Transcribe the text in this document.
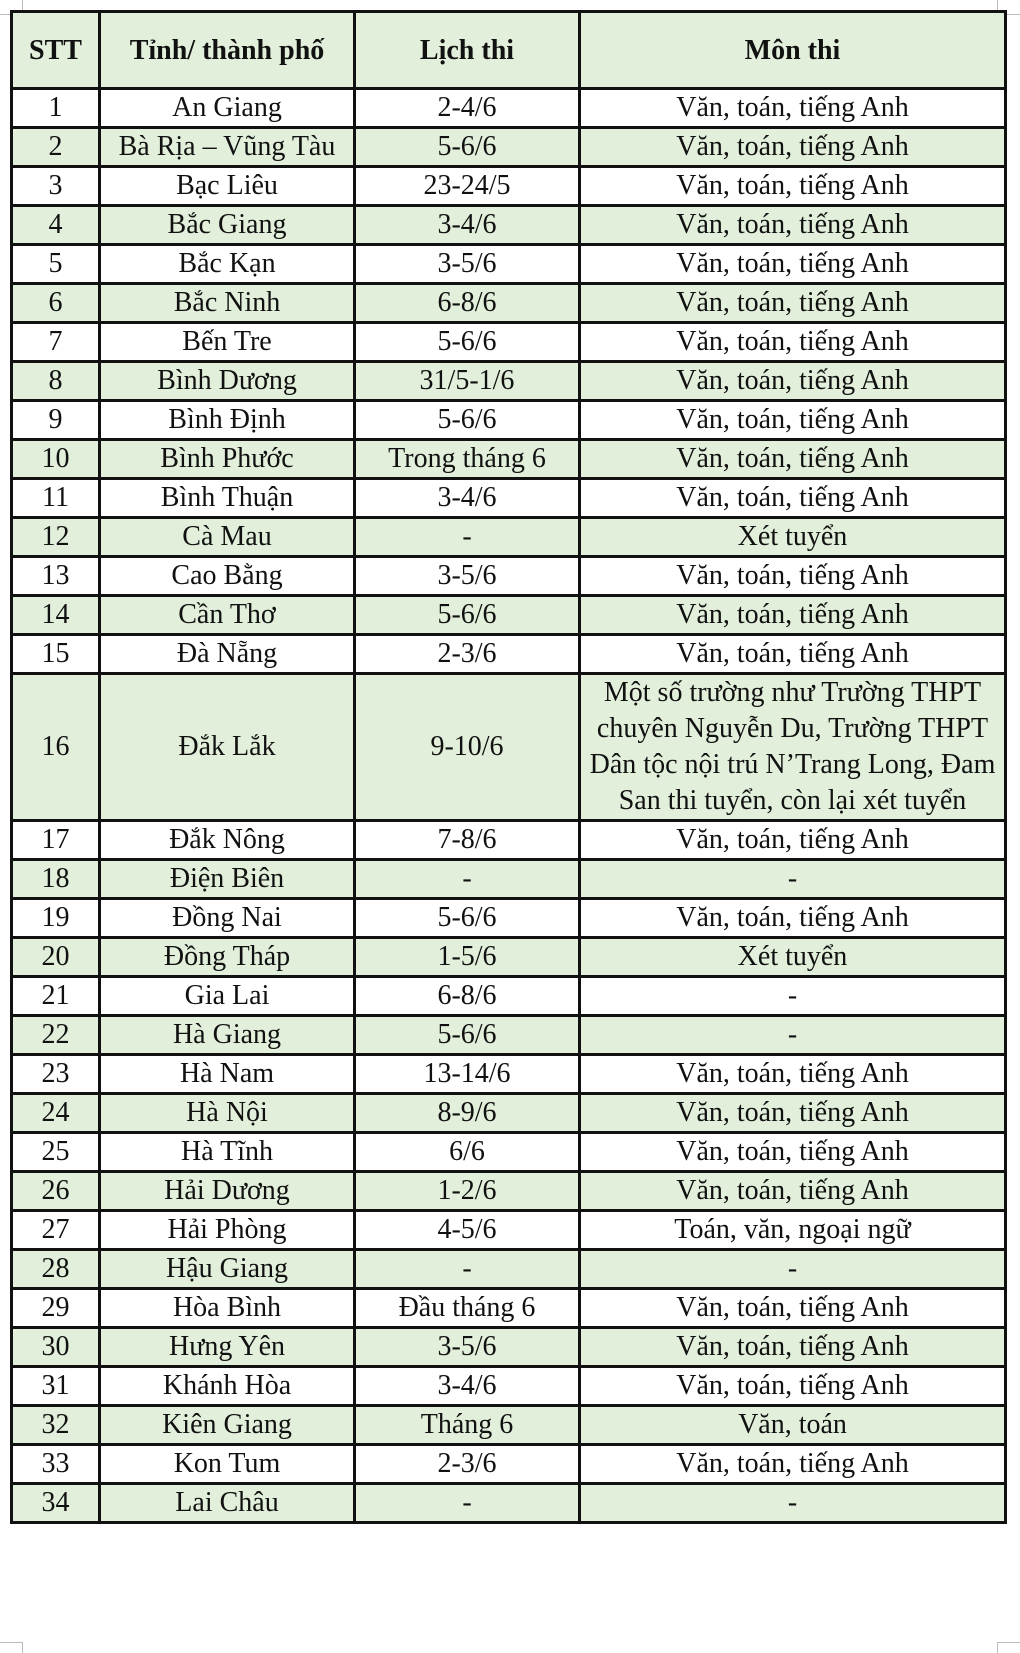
STT	Tỉnh/ thành phố	Lịch thi	Môn thi
1	An Giang	2-4/6	Văn, toán, tiếng Anh
2	Bà Rịa – Vũng Tàu	5-6/6	Văn, toán, tiếng Anh
3	Bạc Liêu	23-24/5	Văn, toán, tiếng Anh
4	Bắc Giang	3-4/6	Văn, toán, tiếng Anh
5	Bắc Kạn	3-5/6	Văn, toán, tiếng Anh
6	Bắc Ninh	6-8/6	Văn, toán, tiếng Anh
7	Bến Tre	5-6/6	Văn, toán, tiếng Anh
8	Bình Dương	31/5-1/6	Văn, toán, tiếng Anh
9	Bình Định	5-6/6	Văn, toán, tiếng Anh
10	Bình Phước	Trong tháng 6	Văn, toán, tiếng Anh
11	Bình Thuận	3-4/6	Văn, toán, tiếng Anh
12	Cà Mau	-	Xét tuyển
13	Cao Bằng	3-5/6	Văn, toán, tiếng Anh
14	Cần Thơ	5-6/6	Văn, toán, tiếng Anh
15	Đà Nẵng	2-3/6	Văn, toán, tiếng Anh
16	Đắk Lắk	9-10/6	Một số trường như Trường THPT chuyên Nguyễn Du, Trường THPT Dân tộc nội trú N’Trang Long, Đam San thi tuyển, còn lại xét tuyển
17	Đắk Nông	7-8/6	Văn, toán, tiếng Anh
18	Điện Biên	-	-
19	Đồng Nai	5-6/6	Văn, toán, tiếng Anh
20	Đồng Tháp	1-5/6	Xét tuyển
21	Gia Lai	6-8/6	-
22	Hà Giang	5-6/6	-
23	Hà Nam	13-14/6	Văn, toán, tiếng Anh
24	Hà Nội	8-9/6	Văn, toán, tiếng Anh
25	Hà Tĩnh	6/6	Văn, toán, tiếng Anh
26	Hải Dương	1-2/6	Văn, toán, tiếng Anh
27	Hải Phòng	4-5/6	Toán, văn, ngoại ngữ
28	Hậu Giang	-	-
29	Hòa Bình	Đầu tháng 6	Văn, toán, tiếng Anh
30	Hưng Yên	3-5/6	Văn, toán, tiếng Anh
31	Khánh Hòa	3-4/6	Văn, toán, tiếng Anh
32	Kiên Giang	Tháng 6	Văn, toán
33	Kon Tum	2-3/6	Văn, toán, tiếng Anh
34	Lai Châu	-	-
